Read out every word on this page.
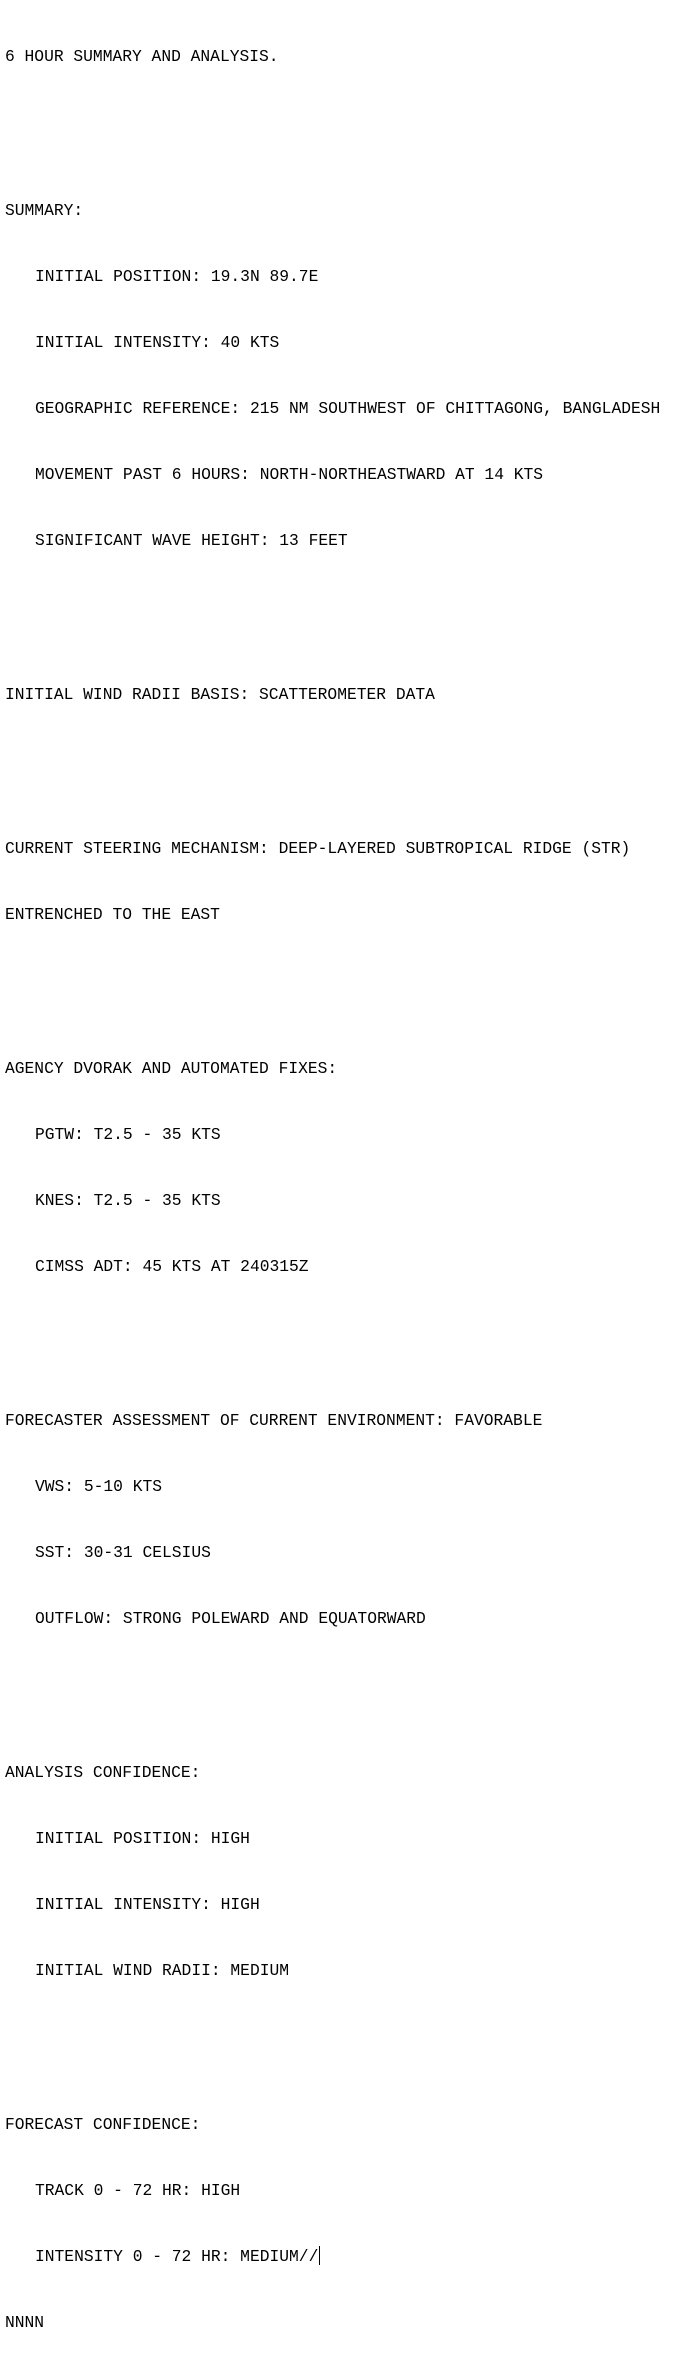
6 HOUR SUMMARY AND ANALYSIS.

SUMMARY:

INITIAL POSITION: 19.3N 89.7E

INITIAL INTENSITY: 40 KTS

GEOGRAPHIC REFERENCE: 215 NM SOUTHWEST OF CHITTAGONG, BANGLADESH

MOVEMENT PAST 6 HOURS: NORTH-NORTHEASTWARD AT 14 KTS

SIGNIFICANT WAVE HEIGHT: 13 FEET

INITIAL WIND RADII BASIS: SCATTEROMETER DATA

CURRENT STEERING MECHANISM: DEEP-LAYERED SUBTROPICAL RIDGE (STR)

ENTRENCHED TO THE EAST

AGENCY DVORAK AND AUTOMATED FIXES:

PGTW: T2.5 - 35 KTS

KNES: T2.5 - 35 KTS

CIMSS ADT: 45 KTS AT 240315Z

FORECASTER ASSESSMENT OF CURRENT ENVIRONMENT: FAVORABLE

VWS: 5-10 KTS

SST: 30-31 CELSIUS

OUTFLOW: STRONG POLEWARD AND EQUATORWARD

ANALYSIS CONFIDENCE:

INITIAL POSITION: HIGH

INITIAL INTENSITY: HIGH

INITIAL WIND RADII: MEDIUM

FORECAST CONFIDENCE:

TRACK 0 - 72 HR: HIGH

INTENSITY 0 - 72 HR: MEDIUM//

NNNN
